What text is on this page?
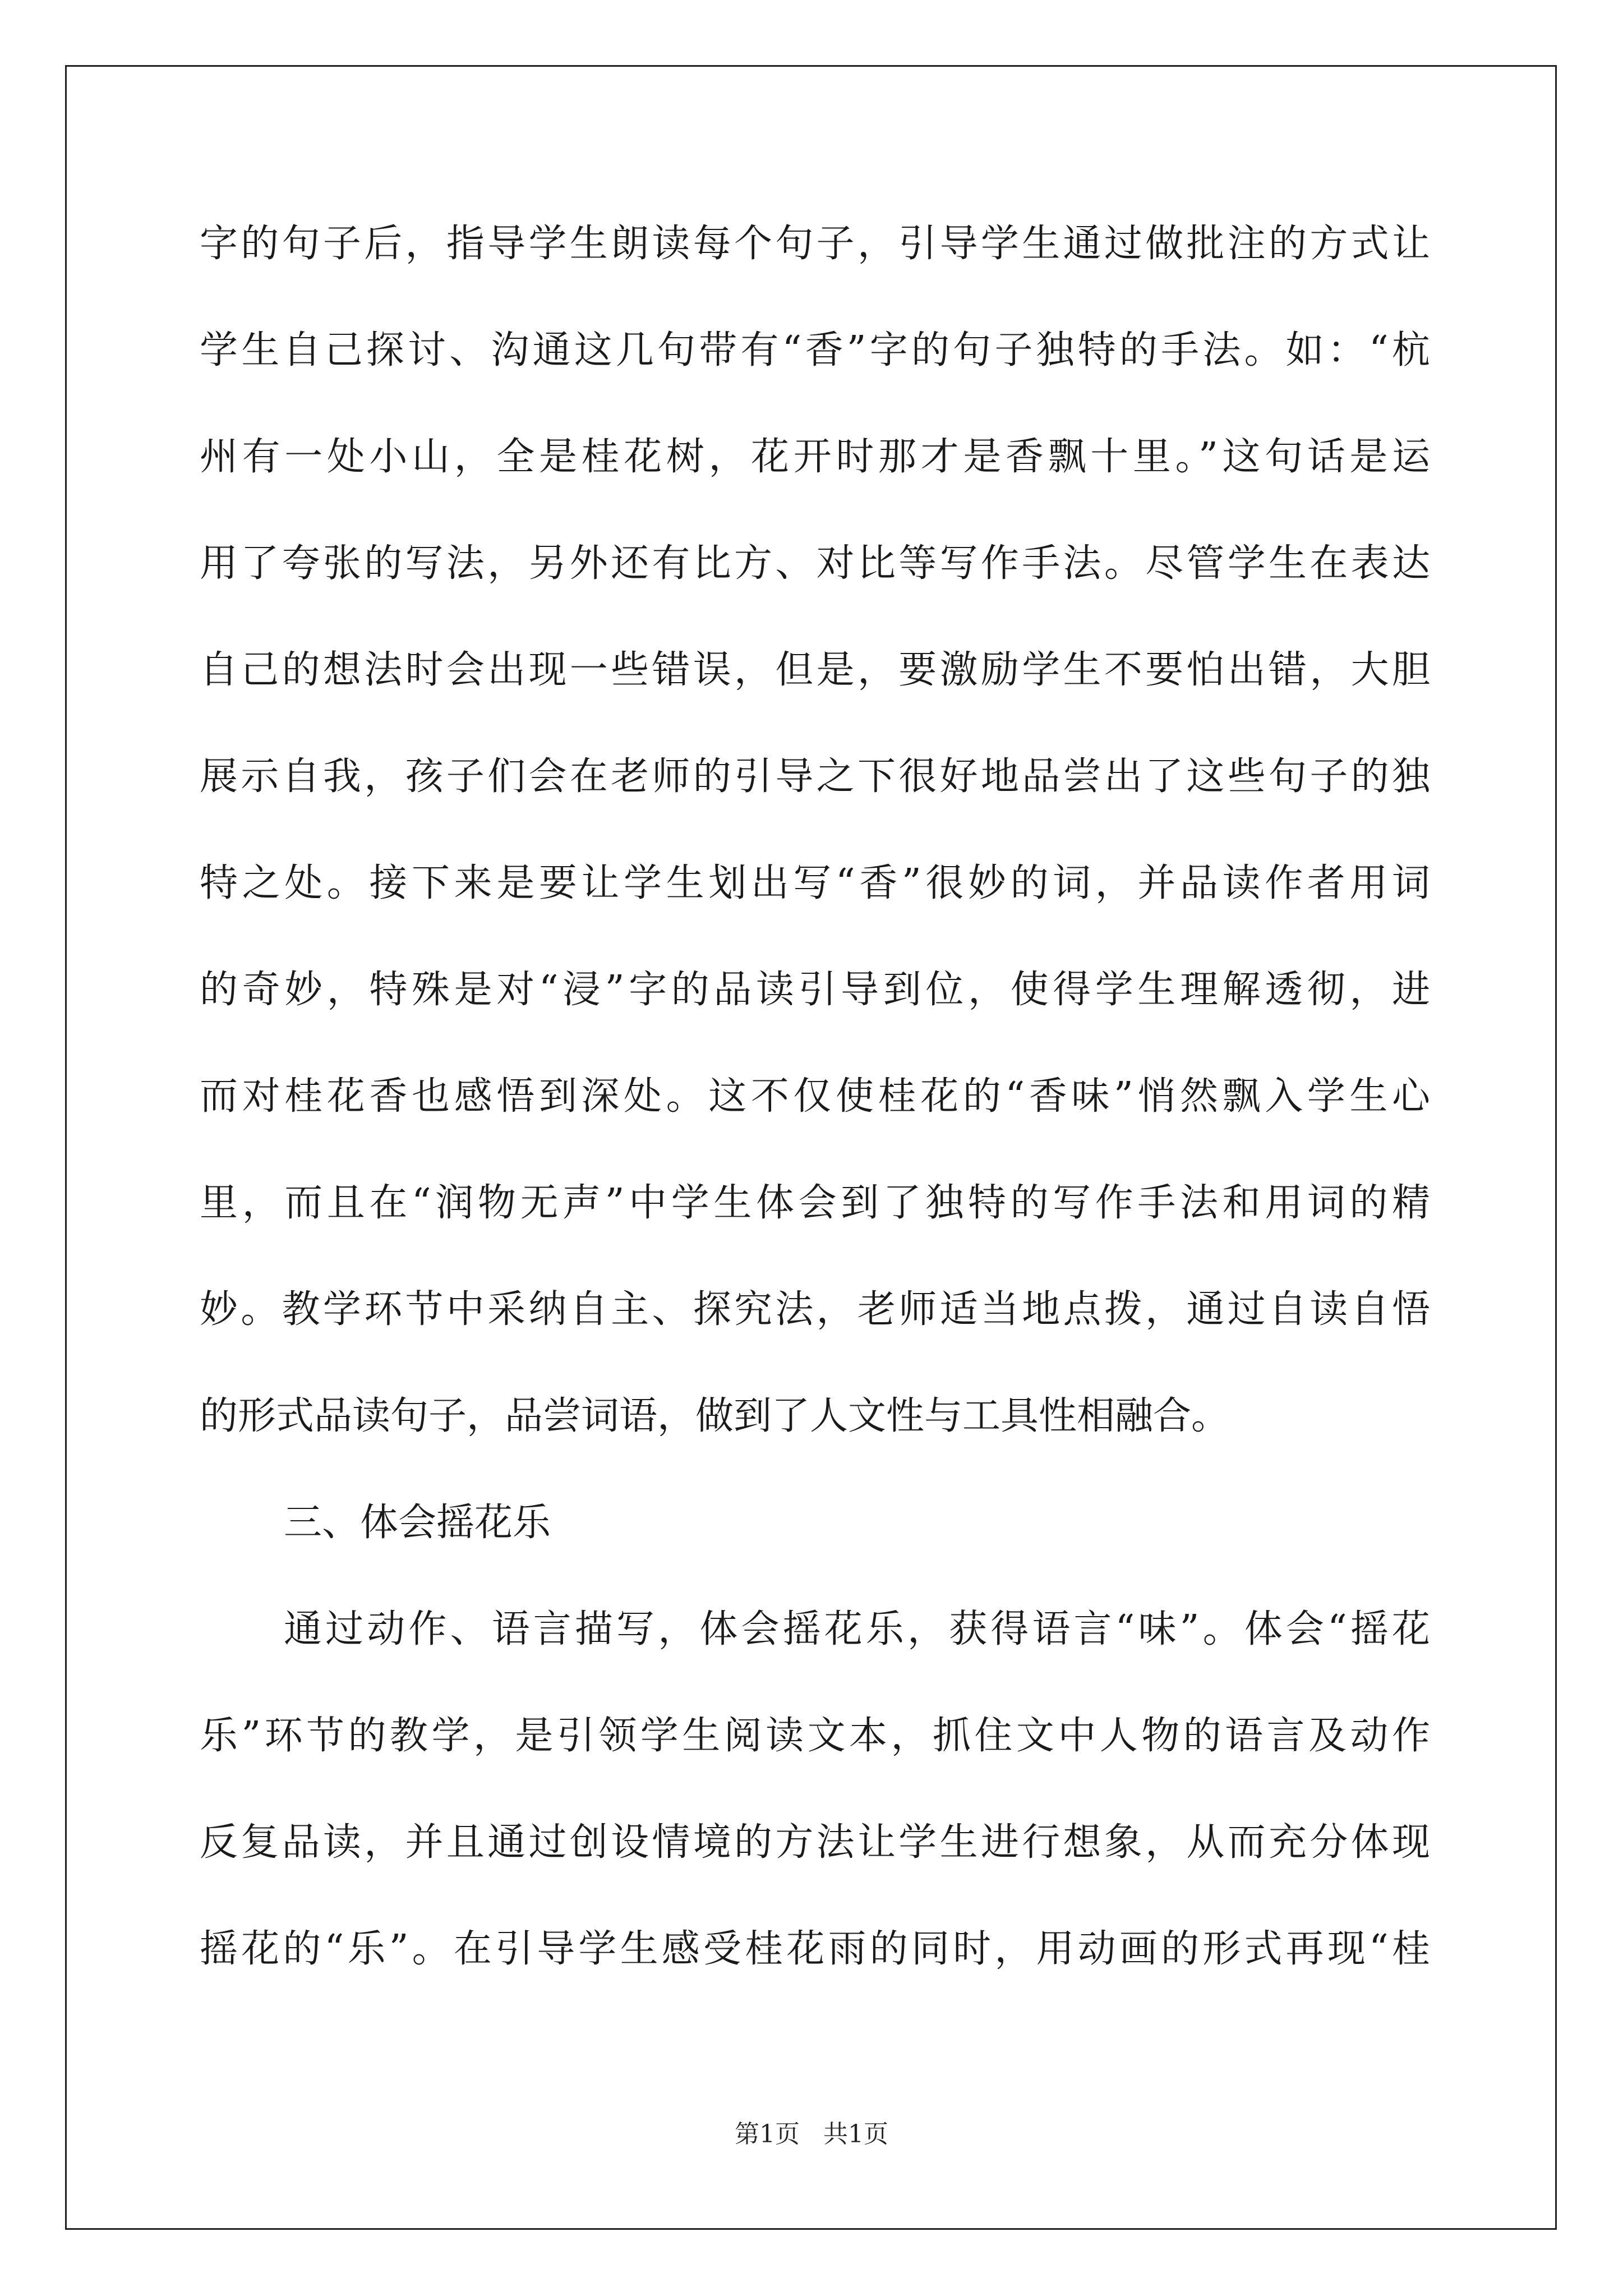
字的句子后，指导学生朗读每个句子，引导学生通过做批注的方式让
学生自己探讨、沟通这几句带有“香”字的句子独特的手法。如：“杭
州有一处小山，全是桂花树，花开时那才是香飘十里。”这句话是运
用了夸张的写法，另外还有比方、对比等写作手法。尽管学生在表达
自己的想法时会出现一些错误，但是，要激励学生不要怕出错，大胆
展示自我，孩子们会在老师的引导之下很好地品尝出了这些句子的独
特之处。接下来是要让学生划出写“香”很妙的词，并品读作者用词
的奇妙，特殊是对“浸”字的品读引导到位，使得学生理解透彻，进
而对桂花香也感悟到深处。这不仅使桂花的“香味”悄然飘入学生心
里，而且在“润物无声”中学生体会到了独特的写作手法和用词的精
妙。教学环节中采纳自主、探究法，老师适当地点拨，通过自读自悟
的形式品读句子，品尝词语，做到了人文性与工具性相融合。
三、体会摇花乐
通过动作、语言描写，体会摇花乐，获得语言“味”。体会“摇花
乐”环节的教学，是引领学生阅读文本，抓住文中人物的语言及动作
反复品读，并且通过创设情境的方法让学生进行想象，从而充分体现
摇花的“乐”。在引导学生感受桂花雨的同时，用动画的形式再现“桂
第1页   共1页
